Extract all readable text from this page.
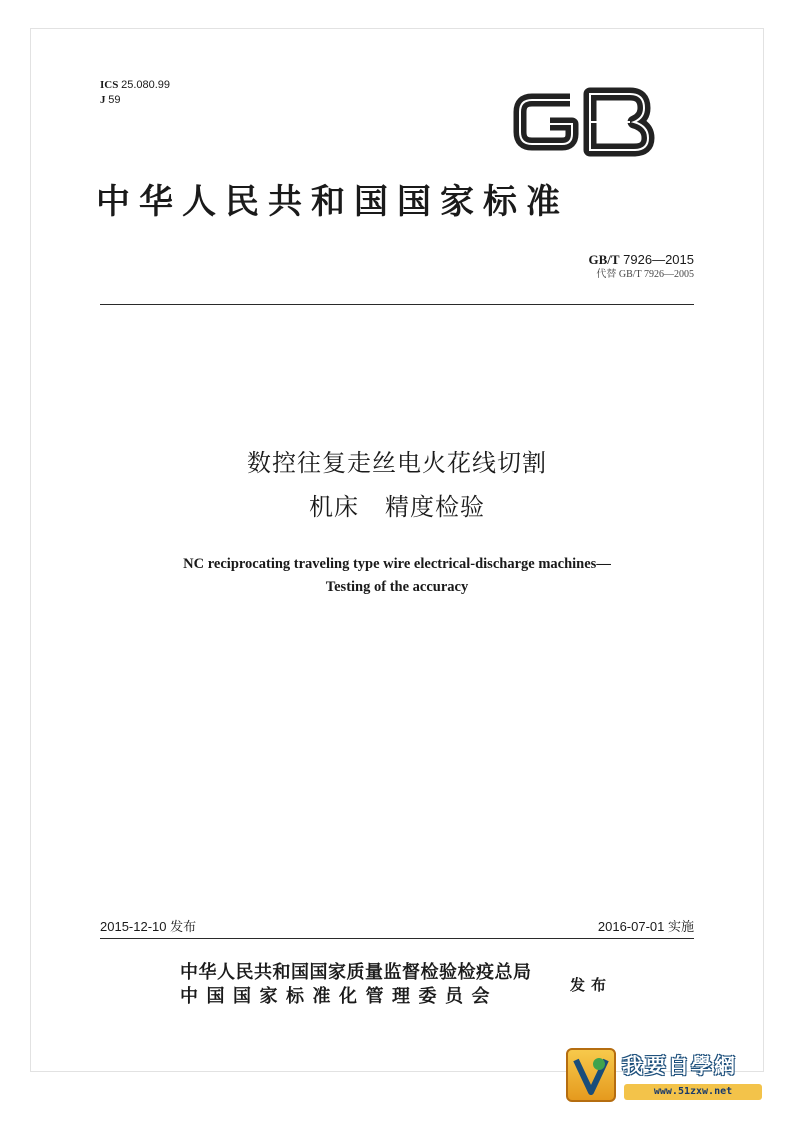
ICS 25.080.99
J 59
中华人民共和国国家标准
GB/T 7926—2015
代替 GB/T 7926—2005
数控往复走丝电火花线切割
机床 精度检验
NC reciprocating traveling type wire electrical-discharge machines—
Testing of the accuracy
2015-12-10 发布	2016-07-01 实施
中华人民共和国国家质量监督检验检疫总局
中国国家标准化管理委员会
发布
我要自學網
www.51zxw.net
